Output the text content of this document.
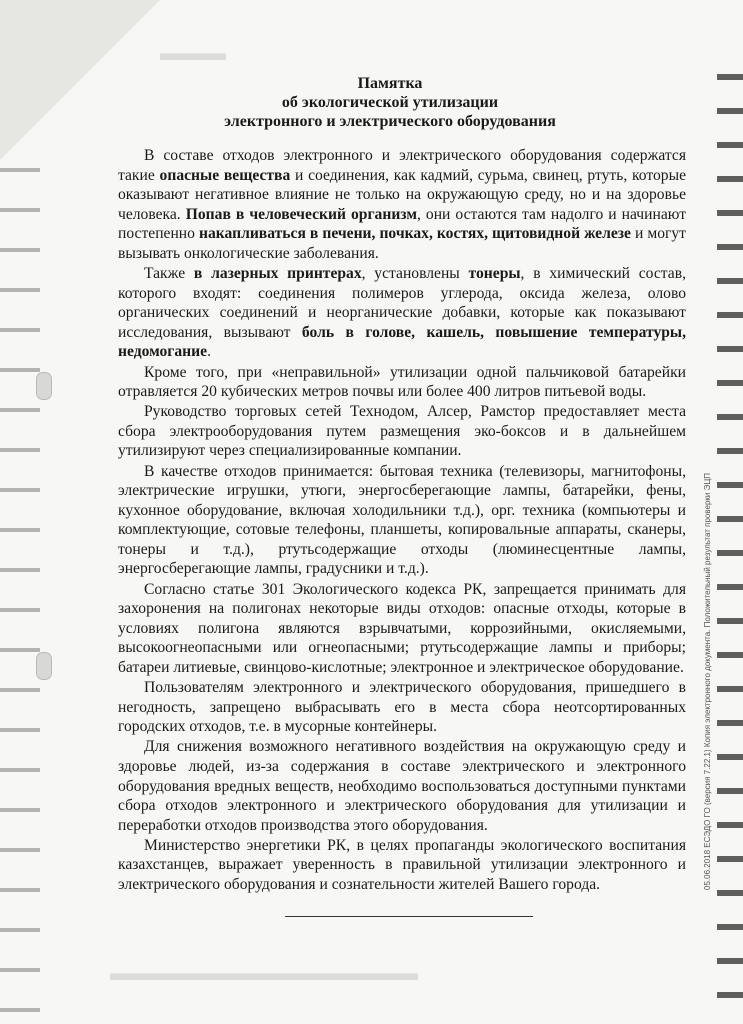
▬▬▬
▬▬▬▬▬▬▬▬▬▬▬▬▬▬
Памятка
об экологической утилизации
электронного и электрического оборудования

В составе отходов электронного и электрического оборудования содержатся такие опасные вещества и соединения, как кадмий, сурьма, свинец, ртуть, которые оказывают негативное влияние не только на окружающую среду, но и на здоровье человека. Попав в человеческий организм, они остаются там надолго и начинают постепенно накапливаться в печени, почках, костях, щитовидной железе и могут вызывать онкологические заболевания.

Также в лазерных принтерах, установлены тонеры, в химический состав, которого входят: соединения полимеров углерода, оксида железа, олово органических соединений и неорганические добавки, которые как показывают исследования, вызывают боль в голове, кашель, повышение температуры, недомогание.

Кроме того, при «неправильной» утилизации одной пальчиковой батарейки отравляется 20 кубических метров почвы или более 400 литров питьевой воды.

Руководство торговых сетей Технодом, Алсер, Рамстор предоставляет места сбора электрооборудования путем размещения эко-боксов и в дальнейшем утилизируют через специализированные компании.

В качестве отходов принимается: бытовая техника (телевизоры, магнитофоны, электрические игрушки, утюги, энергосберегающие лампы, батарейки, фены, кухонное оборудование, включая холодильники т.д.), орг. техника (компьютеры и комплектующие, сотовые телефоны, планшеты, копировальные аппараты, сканеры, тонеры и т.д.), ртутьсодержащие отходы (люминесцентные лампы, энергосберегающие лампы, градусники и т.д.).

Согласно статье 301 Экологического кодекса РК, запрещается принимать для захоронения на полигонах некоторые виды отходов: опасные отходы, которые в условиях полигона являются взрывчатыми, коррозийными, окисляемыми, высокоогнеопасными или огнеопасными; ртутьсодержащие лампы и приборы; батареи литиевые, свинцово-кислотные; электронное и электрическое оборудование.

Пользователям электронного и электрического оборудования, пришедшего в негодность, запрещено выбрасывать его в места сбора неотсортированных городских отходов, т.е. в мусорные контейнеры.

Для снижения возможного негативного воздействия на окружающую среду и здоровье людей, из-за содержания в составе электрического и электронного оборудования вредных веществ, необходимо воспользоваться доступными пунктами сбора отходов электронного и электрического оборудования для утилизации и переработки отходов производства этого оборудования.

Министерство энергетики РК, в целях пропаганды экологического воспитания казахстанцев, выражает уверенность в правильной утилизации электронного и электрического оборудования и сознательности жителей Вашего города.	05.06.2018 ЕСЭДО ГО (версия 7.22.1) Копия электронного документа. Положительный результат проверки ЭЦП
